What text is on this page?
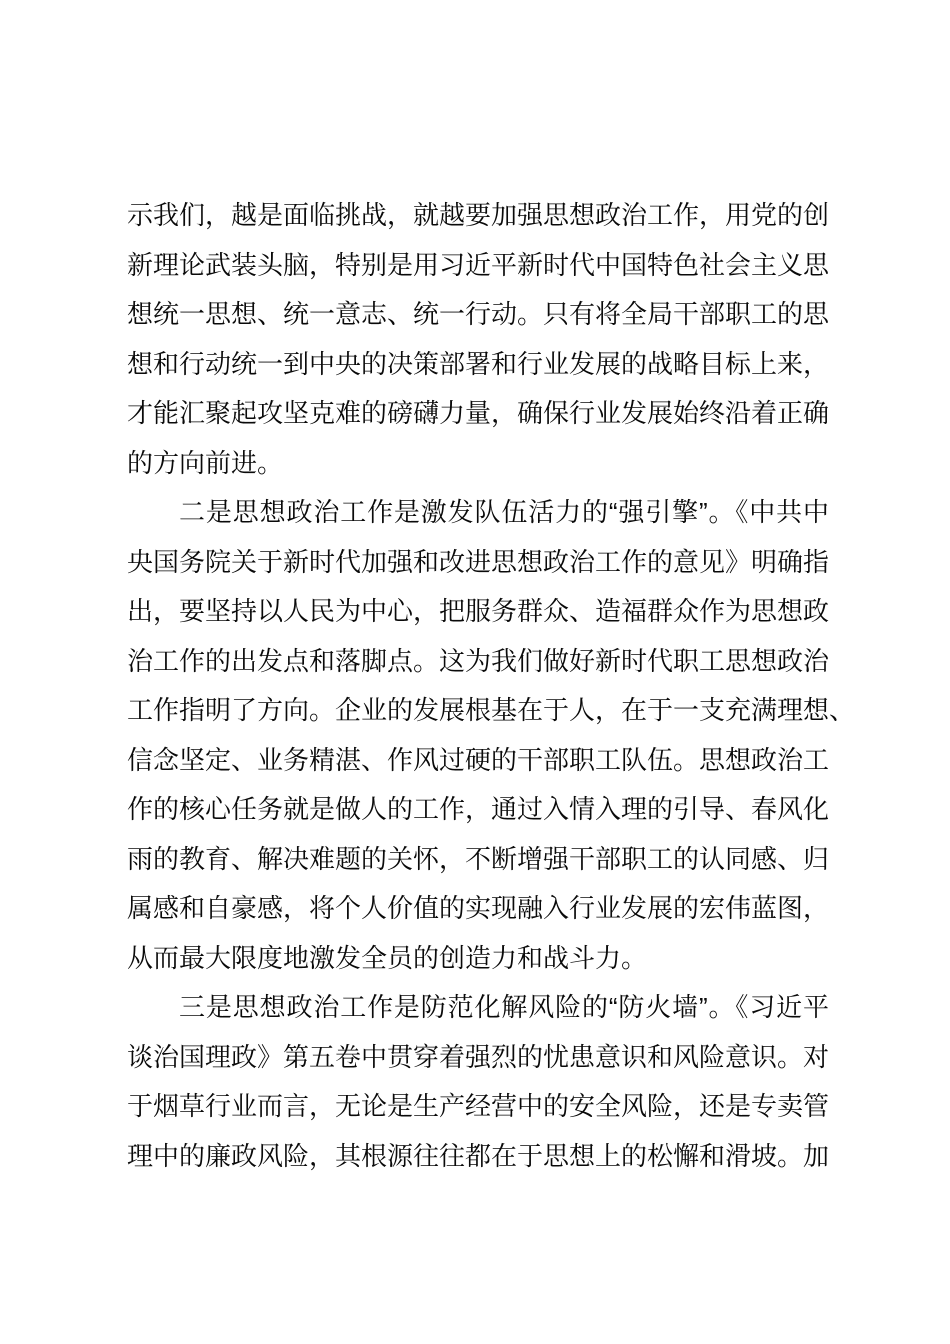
示我们，越是面临挑战，就越要加强思想政治工作，用党的创
新理论武装头脑，特别是用习近平新时代中国特色社会主义思
想统一思想、统一意志、统一行动。只有将全局干部职工的思
想和行动统一到中央的决策部署和行业发展的战略目标上来，
才能汇聚起攻坚克难的磅礴力量，确保行业发展始终沿着正确
的方向前进。
二是思想政治工作是激发队伍活力的“强引擎”。《中共中
央国务院关于新时代加强和改进思想政治工作的意见》明确指
出，要坚持以人民为中心，把服务群众、造福群众作为思想政
治工作的出发点和落脚点。这为我们做好新时代职工思想政治
工作指明了方向。企业的发展根基在于人，在于一支充满理想、
信念坚定、业务精湛、作风过硬的干部职工队伍。思想政治工
作的核心任务就是做人的工作，通过入情入理的引导、春风化
雨的教育、解决难题的关怀，不断增强干部职工的认同感、归
属感和自豪感，将个人价值的实现融入行业发展的宏伟蓝图，
从而最大限度地激发全员的创造力和战斗力。
三是思想政治工作是防范化解风险的“防火墙”。《习近平
谈治国理政》第五卷中贯穿着强烈的忧患意识和风险意识。对
于烟草行业而言，无论是生产经营中的安全风险，还是专卖管
理中的廉政风险，其根源往往都在于思想上的松懈和滑坡。加
